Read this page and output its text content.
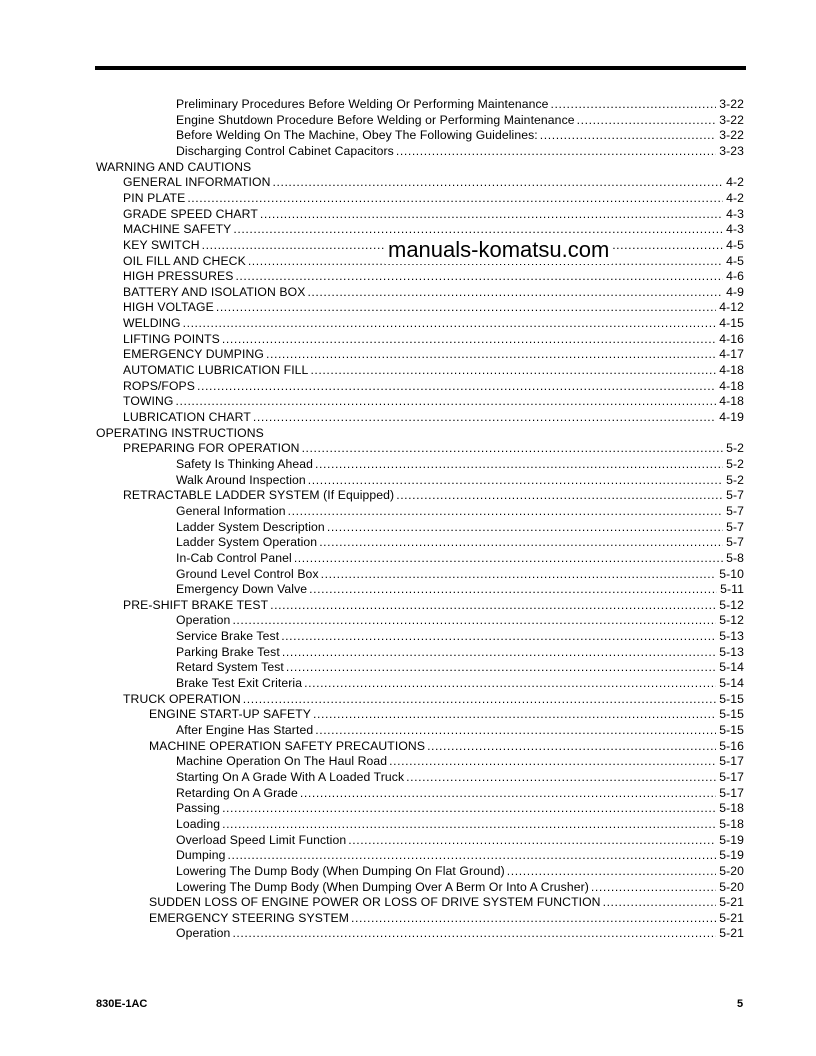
Preliminary Procedures Before Welding Or Performing Maintenance .....	3-22
Engine Shutdown Procedure Before Welding or Performing Maintenance .....	3-22
Before Welding On The Machine, Obey The Following Guidelines: .....	3-22
Discharging Control Cabinet Capacitors .....	3-23
WARNING AND CAUTIONS
GENERAL INFORMATION .....	4-2
PIN PLATE .....	4-2
GRADE SPEED CHART .....	4-3
MACHINE SAFETY .....	4-3
KEY SWITCH .....	4-5
OIL FILL AND CHECK .....	4-5
HIGH PRESSURES .....	4-6
BATTERY AND ISOLATION BOX .....	4-9
HIGH VOLTAGE .....	4-12
WELDING .....	4-15
LIFTING POINTS .....	4-16
EMERGENCY DUMPING .....	4-17
AUTOMATIC LUBRICATION FILL .....	4-18
ROPS/FOPS .....	4-18
TOWING .....	4-18
LUBRICATION CHART .....	4-19
OPERATING INSTRUCTIONS
PREPARING FOR OPERATION .....	5-2
Safety Is Thinking Ahead .....	5-2
Walk Around Inspection .....	5-2
RETRACTABLE LADDER SYSTEM (If Equipped) .....	5-7
General Information .....	5-7
Ladder System Description .....	5-7
Ladder System Operation .....	5-7
In-Cab Control Panel .....	5-8
Ground Level Control Box .....	5-10
Emergency Down Valve .....	5-11
PRE-SHIFT BRAKE TEST .....	5-12
Operation .....	5-12
Service Brake Test .....	5-13
Parking Brake Test .....	5-13
Retard System Test .....	5-14
Brake Test Exit Criteria .....	5-14
TRUCK OPERATION .....	5-15
ENGINE START-UP SAFETY .....	5-15
After Engine Has Started .....	5-15
MACHINE OPERATION SAFETY PRECAUTIONS .....	5-16
Machine Operation On The Haul Road .....	5-17
Starting On A Grade With A Loaded Truck .....	5-17
Retarding On A Grade .....	5-17
Passing .....	5-18
Loading .....	5-18
Overload Speed Limit Function .....	5-19
Dumping .....	5-19
Lowering The Dump Body (When Dumping On Flat Ground) .....	5-20
Lowering The Dump Body (When Dumping Over A Berm Or Into A Crusher) .....	5-20
SUDDEN LOSS OF ENGINE POWER OR LOSS OF DRIVE SYSTEM FUNCTION .....	5-21
EMERGENCY STEERING SYSTEM .....	5-21
Operation .....	5-21
manuals-komatsu.com
830E-1AC	5
